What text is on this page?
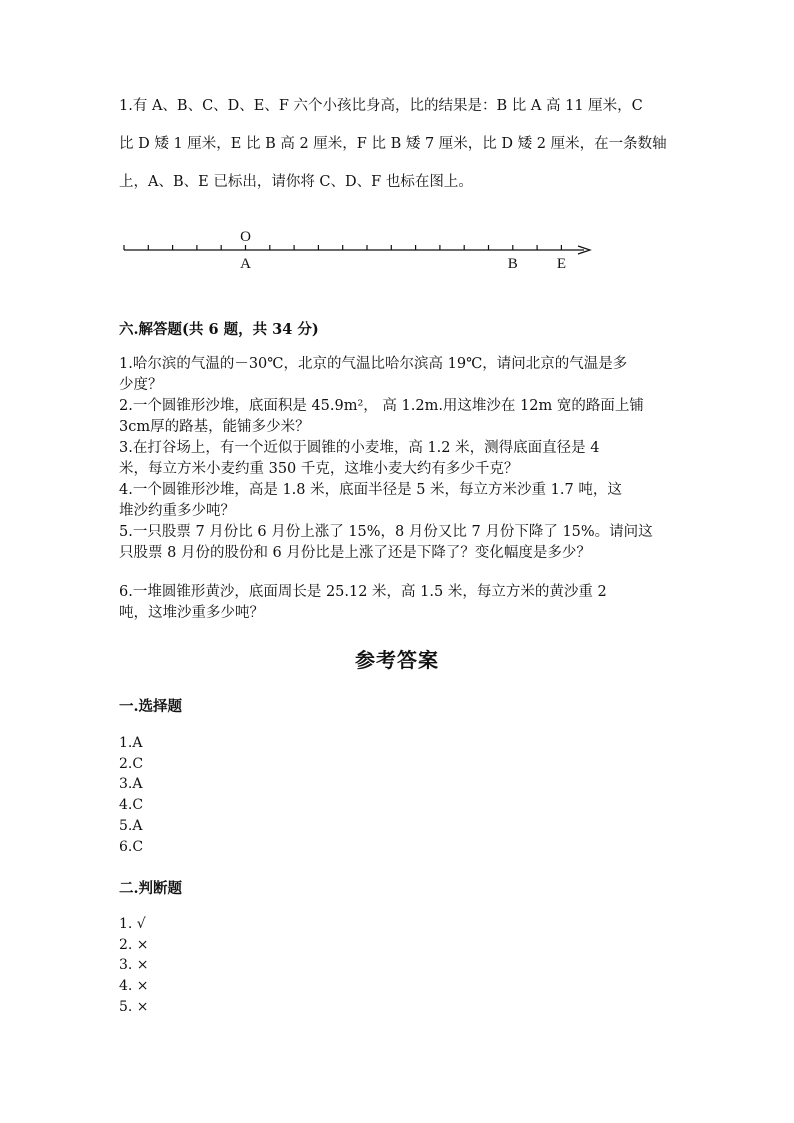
1.有 A、B、C、D、E、F 六个小孩比身高，比的结果是：B 比 A 高 11 厘米，C

比 D 矮 1 厘米，E 比 B 高 2 厘米，F 比 B 矮 7 厘米，比 D 矮 2 厘米，在一条数轴

上，A、B、E 已标出，请你将 C、D、F 也标在图上。

O
A	B	E

六.解答题(共 6 题，共 34 分)

1.哈尔滨的气温的－30℃，北京的气温比哈尔滨高 19℃，请问北京的气温是多

少度？

2.一个圆锥形沙堆，底面积是 45.9m²， 高 1.2m.用这堆沙在 12m 宽的路面上铺

3cm厚的路基，能铺多少米？

3.在打谷场上，有一个近似于圆锥的小麦堆，高 1.2 米，测得底面直径是 4

米，每立方米小麦约重 350 千克，这堆小麦大约有多少千克？

4.一个圆锥形沙堆，高是 1.8 米，底面半径是 5 米，每立方米沙重 1.7 吨，这

堆沙约重多少吨？

5.一只股票 7 月份比 6 月份上涨了 15%，8 月份又比 7 月份下降了 15%。请问这

只股票 8 月份的股份和 6 月份比是上涨了还是下降了？变化幅度是多少？

6.一堆圆锥形黄沙，底面周长是 25.12 米，高 1.5 米，每立方米的黄沙重 2

吨，这堆沙重多少吨？

参考答案

一.选择题

1.A
2.C
3.A
4.C
5.A
6.C

二.判断题

1. √
2. ×
3. ×
4. ×
5. ×
